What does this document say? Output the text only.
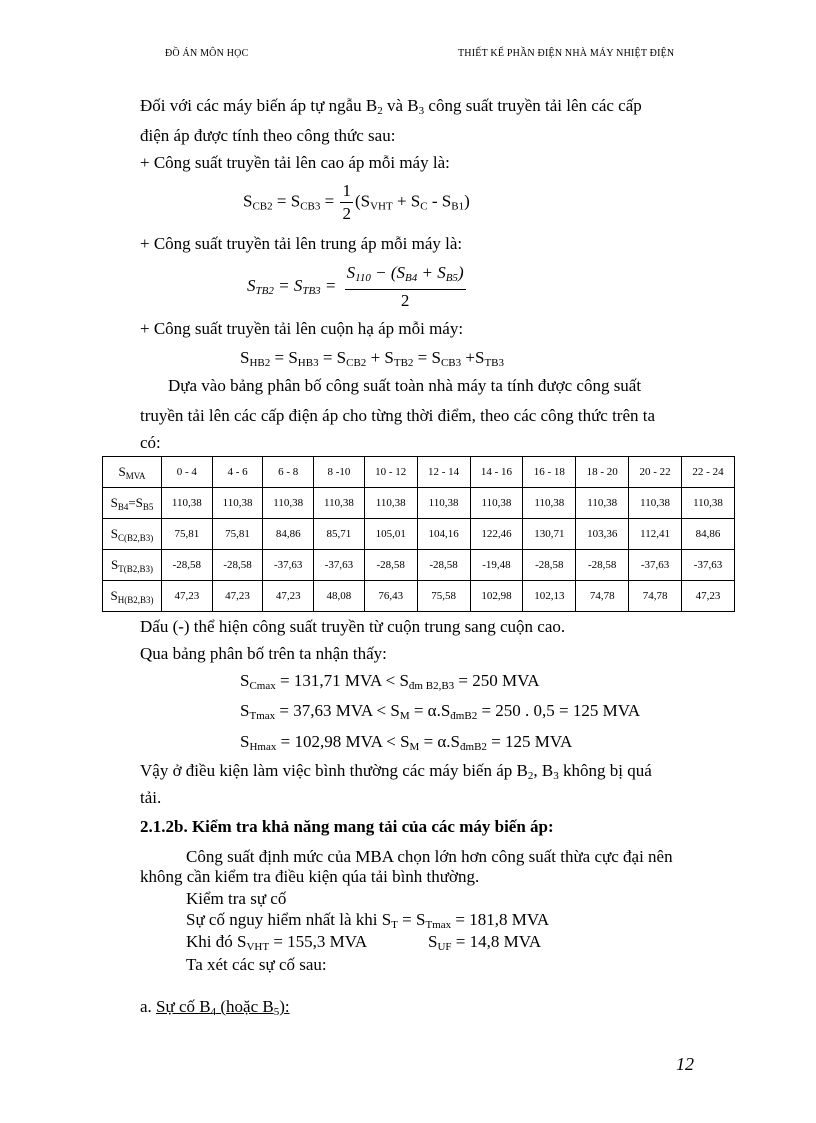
ĐỒ ÁN MÔN HỌC	THIẾT KẾ PHẦN ĐIỆN NHÀ MÁY NHIỆT ĐIỆN
Đối với các máy biến áp tự ngẫu $B_2$ và $B_3$ công suất truyền tải lên các cấp
điện áp được tính theo công thức sau:
+ Công suất truyền tải lên cao áp mỗi máy là:
$S_{CB2} = S_{CB3} = \frac{1}{2} (S_{VHT} + S_C - S_{B1})$
+ Công suất truyền tải lên trung áp mỗi máy là:
$S_{TB2} = S_{TB3} = \frac{S_{110} - (S_{B4} + S_{B5})}{2}$
+ Công suất truyền tải lên cuộn hạ áp mỗi máy:
$S_{HB2} = S_{HB3} = S_{CB2} + S_{TB2} = S_{CB3} +S_{TB3}$
Dựa vào bảng phân bố công suất toàn nhà máy ta tính được công suất
truyền tải lên các cấp điện áp cho từng thời điểm, theo các công thức trên ta
có:
$S_{MVA}$	0 - 4	4 - 6	6 - 8	8 -10	10 - 12	12 - 14	14 - 16	16 - 18	18 - 20	20 - 22	22 - 24
$S_{B4}=S_{B5}$	110,38	110,38	110,38	110,38	110,38	110,38	110,38	110,38	110,38	110,38	110,38
$S_{C(B2,B3)}$	75,81	75,81	84,86	85,71	105,01	104,16	122,46	130,71	103,36	112,41	84,86
$S_{T(B2,B3)}$	-28,58	-28,58	-37,63	-37,63	-28,58	-28,58	-19,48	-28,58	-28,58	-37,63	-37,63
$S_{H(B2,B3)}$	47,23	47,23	47,23	48,08	76,43	75,58	102,98	102,13	74,78	74,78	47,23
Dấu (-) thể hiện công suất truyền từ cuộn trung sang cuộn cao.
Qua bảng phân bố trên ta nhận thấy:
$S_{Cmax} = 131,71$ MVA < $S_{đm B2,B3} = 250$ MVA
$S_{Tmax} = 37,63$ MVA < $S_M = \alpha.S_{đmB2} = 250$ . 0,5 = 125 MVA
$S_{Hmax} = 102,98$ MVA < $S_M = \alpha.S_{đmB2} = 125$ MVA
Vậy ở điều kiện làm việc bình thường các máy biến áp $B_2$, $B_3$ không bị quá
tải.
2.1.2b. Kiểm tra khả năng mang tải của các máy biến áp:
Công suất định mức của MBA chọn lớn hơn công suất thừa cực đại nên
không cần kiểm tra điều kiện qúa tải bình thường.
Kiểm tra sự cố
Sự cố nguy hiểm nhất là khi $S_T = S_{Tmax} = 181,8$ MVA
Khi đó $S_{VHT} = 155,3$ MVA	$S_{UF} = 14,8$ MVA
Ta xét các sự cố sau:
a. Sự cố $B_4$ (hoặc $B_5$):
12
